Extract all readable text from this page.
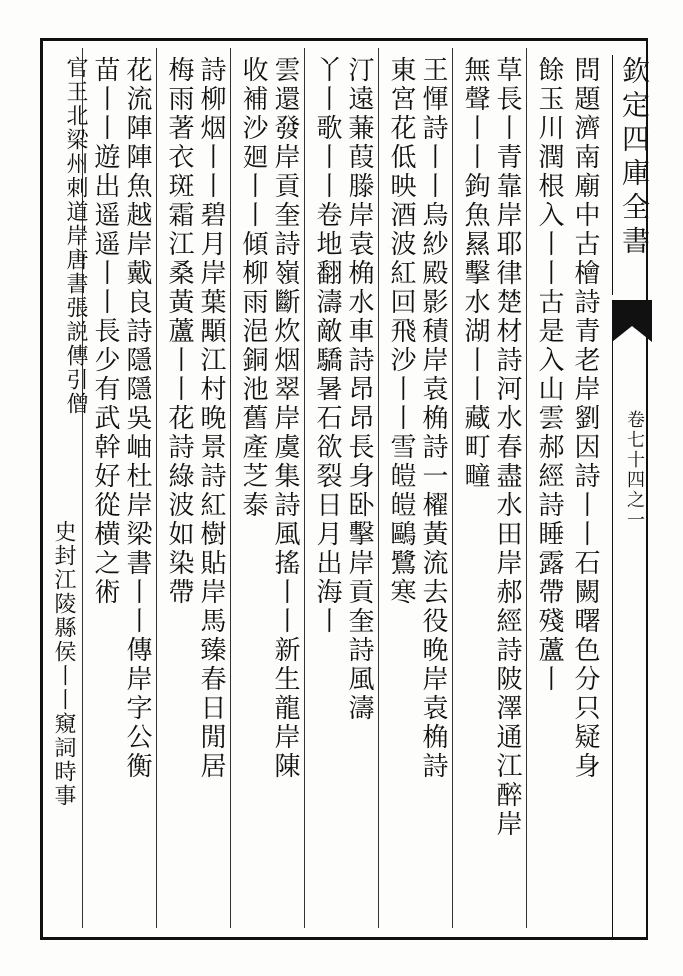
欽定四庫全書
卷七十四之一
問題濟南廟中古檜詩青老岸劉因詩丨丨石闕曙色分只疑身
餘玉川潤根入丨丨古是入山雲郝經詩睡露帶殘蘆丨
草長丨青靠岸耶律楚材詩河水春盡水田岸郝經詩陂澤通江醉岸
無聲丨丨鉤魚㬎擊水湖丨丨藏町疃
王惲詩丨丨烏紗殿影積岸袁桷詩一櫂黃流去役晚岸袁桷詩
東宮花低映酒波紅回飛沙丨丨雪皚皚鷗鷺寒
汀遠蒹葭滕岸袁桷水車詩昂昂長身卧擊岸貢奎詩風濤
丫丨歌丨丨卷地翻濤敵驕暑石欲裂日月出海丨
雲還發岸貢奎詩嶺斷炊烟翠岸虞集詩風搖丨丨新生龍岸陳
收補沙廻丨丨傾柳雨浥銅池舊產芝泰
詩柳烟丨丨碧月岸葉顒江村晚景詩紅樹貼岸馬臻春日閒居
梅雨著衣斑霜江桑黃蘆丨丨花詩綠波如染帶
花流陣陣魚越岸戴良詩隱隱吳岫杜岸梁書丨丨傳岸字公衡
苗丨丨遊出遥遥丨丨長少有武幹好從横之術
官王北梁州刺道岸唐書張説傳引僧
史封江陵縣侯丨丨窺詞時事
